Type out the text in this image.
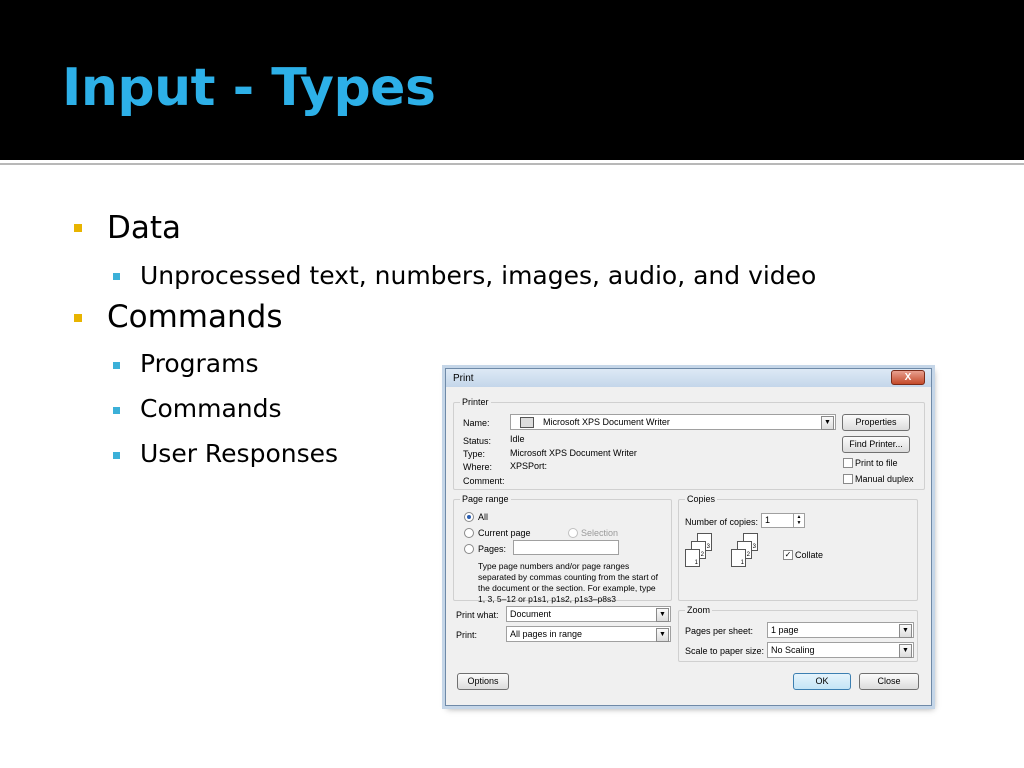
Input - Types
Data
Unprocessed text, numbers, images, audio, and video
Commands
Programs
Commands
User Responses
Print	X
Printer
Name:	Microsoft XPS Document Writer	▼
Status: Idle
Type:	Microsoft XPS Document Writer
Where: XPSPort:
Comment:
Properties
Find Printer...
Print to file
Manual duplex
Page range
All
Current page	Selection
Pages:
Type page numbers and/or page ranges
separated by commas counting from the start of
the document or the section. For example, type
1, 3, 5–12 or p1s1, p1s2, p1s3–p8s3
Copies
Number of copies: 1	▲
▼
3
2
1
3
2
1
✓ Collate
Print what: Document	▼
Print:	All pages in range	▼
Zoom
Pages per sheet: 1 page	▼
Scale to paper size: No Scaling	▼
Options	OK	Close
